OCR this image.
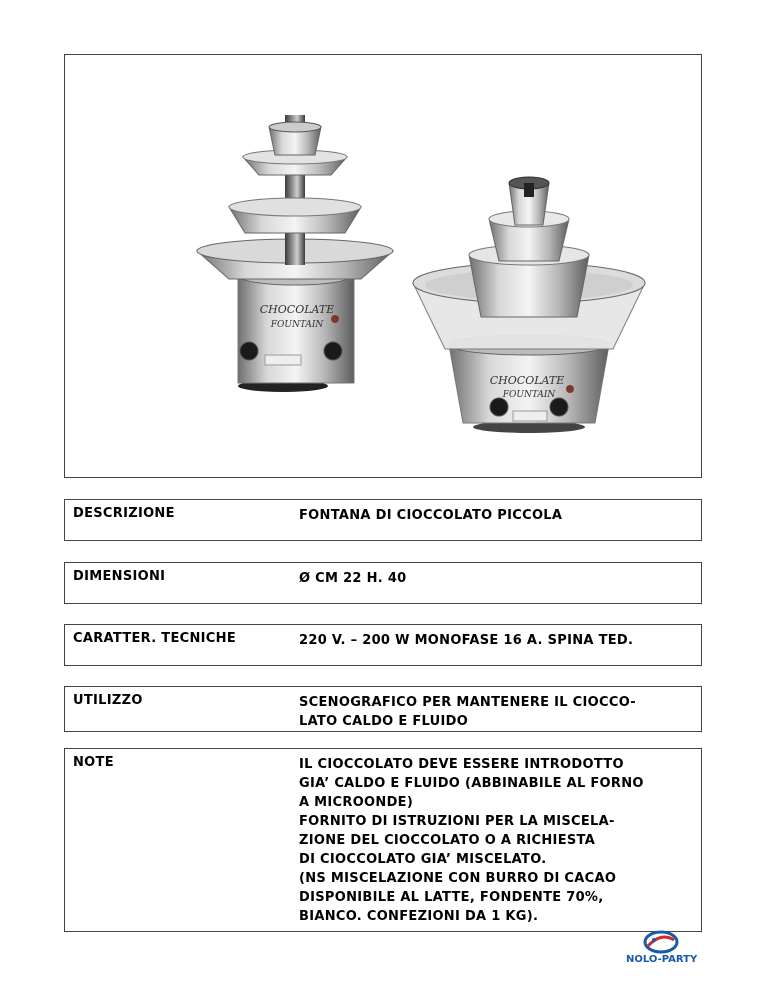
CHOCOLATE
FOUNTAIN
CHOCOLATE
FOUNTAIN
DESCRIZIONE	FONTANA DI CIOCCOLATO PICCOLA
DIMENSIONI	Ø CM 22 H. 40
CARATTER. TECNICHE	220 V. – 200 W MONOFASE 16 A. SPINA TED.
UTILIZZO	SCENOGRAFICO PER MANTENERE IL CIOCCO-
LATO CALDO E FLUIDO
NOTE	IL CIOCCOLATO DEVE ESSERE INTRODOTTO
GIA’ CALDO E FLUIDO (ABBINABILE AL FORNO
A MICROONDE)
FORNITO DI ISTRUZIONI PER LA MISCELA-
ZIONE DEL CIOCCOLATO O A RICHIESTA
DI CIOCCOLATO GIA’ MISCELATO.
(NS MISCELAZIONE CON BURRO DI CACAO
DISPONIBILE AL LATTE, FONDENTE 70%,
BIANCO. CONFEZIONI DA 1 KG).
NOLO-PARTY
